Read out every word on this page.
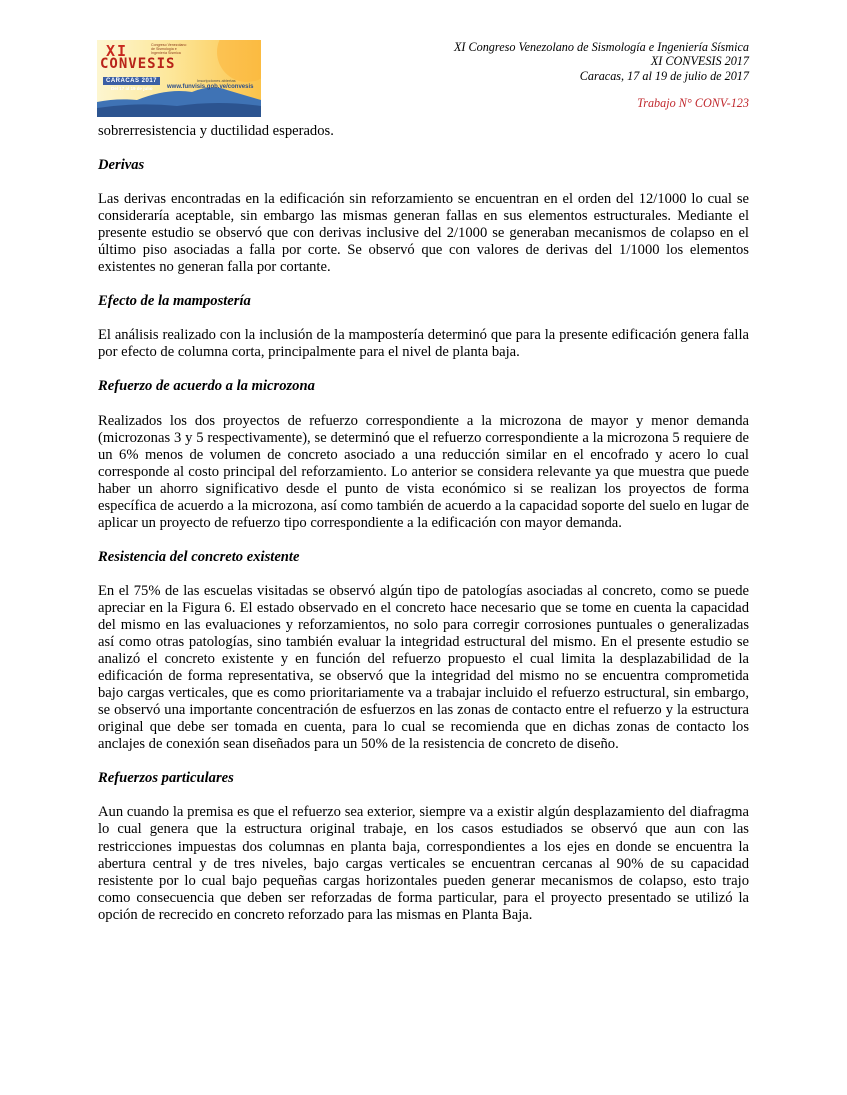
XI
CONVESIS
Congreso Venezolano de Sismología e Ingeniería Sísmica
CARACAS 2017
Del 17 al 19 de julio
Inscripciones abiertas
www.funvisis.gob.ve/convesis
XI Congreso Venezolano de Sismología e Ingeniería Sísmica
XI CONVESIS 2017
Caracas, 17 al 19 de julio de 2017
Trabajo N° CONV-123

sobrerresistencia y ductilidad esperados.

Derivas

Las derivas encontradas en la edificación sin reforzamiento se encuentran en el orden del 12/1000 lo cual se consideraría aceptable, sin embargo las mismas generan fallas en sus elementos estructurales. Mediante el presente estudio se observó que con derivas inclusive del 2/1000 se generaban mecanismos de colapso en el último piso asociadas a falla por corte. Se observó que con valores de derivas del 1/1000 los elementos existentes no generan falla por cortante.

Efecto de la mampostería

El análisis realizado con la inclusión de la mampostería determinó que para la presente edificación genera falla por efecto de columna corta, principalmente para el nivel de planta baja.

Refuerzo de acuerdo a la microzona

Realizados los dos proyectos de refuerzo correspondiente a la microzona de mayor y menor demanda (microzonas 3 y 5 respectivamente), se determinó que el refuerzo correspondiente a la microzona 5 requiere de un 6% menos de volumen de concreto asociado a una reducción similar en el encofrado y acero lo cual corresponde al costo principal del reforzamiento. Lo anterior se considera relevante ya que muestra que puede haber un ahorro significativo desde el punto de vista económico si se realizan los proyectos de forma específica de acuerdo a la microzona, así como también de acuerdo a la capacidad soporte del suelo en lugar de aplicar un proyecto de refuerzo tipo correspondiente a la edificación con mayor demanda.

Resistencia del concreto existente

En el 75% de las escuelas visitadas se observó algún tipo de patologías asociadas al concreto, como se puede apreciar en la Figura 6. El estado observado en el concreto hace necesario que se tome en cuenta la capacidad del mismo en las evaluaciones y reforzamientos, no solo para corregir corrosiones puntuales o generalizadas así como otras patologías, sino también evaluar la integridad estructural del mismo. En el presente estudio se analizó el concreto existente y en función del refuerzo propuesto el cual limita la desplazabilidad de la edificación de forma representativa, se observó que la integridad del mismo no se encuentra comprometida bajo cargas verticales, que es como prioritariamente va a trabajar incluido el refuerzo estructural, sin embargo, se observó una importante concentración de esfuerzos en las zonas de contacto entre el refuerzo y la estructura original que debe ser tomada en cuenta, para lo cual se recomienda que en dichas zonas de contacto los anclajes de conexión sean diseñados para un 50% de la resistencia de concreto de diseño.

Refuerzos particulares

Aun cuando la premisa es que el refuerzo sea exterior, siempre va a existir algún desplazamiento del diafragma lo cual genera que la estructura original trabaje, en los casos estudiados se observó que aun con las restricciones impuestas dos columnas en planta baja, correspondientes a los ejes en donde se encuentra la abertura central y de tres niveles, bajo cargas verticales se encuentran cercanas al 90% de su capacidad resistente por lo cual bajo pequeñas cargas horizontales pueden generar mecanismos de colapso, esto trajo como consecuencia que deben ser reforzadas de forma particular, para el proyecto presentado se utilizó la opción de recrecido en concreto reforzado para las mismas en Planta Baja.
